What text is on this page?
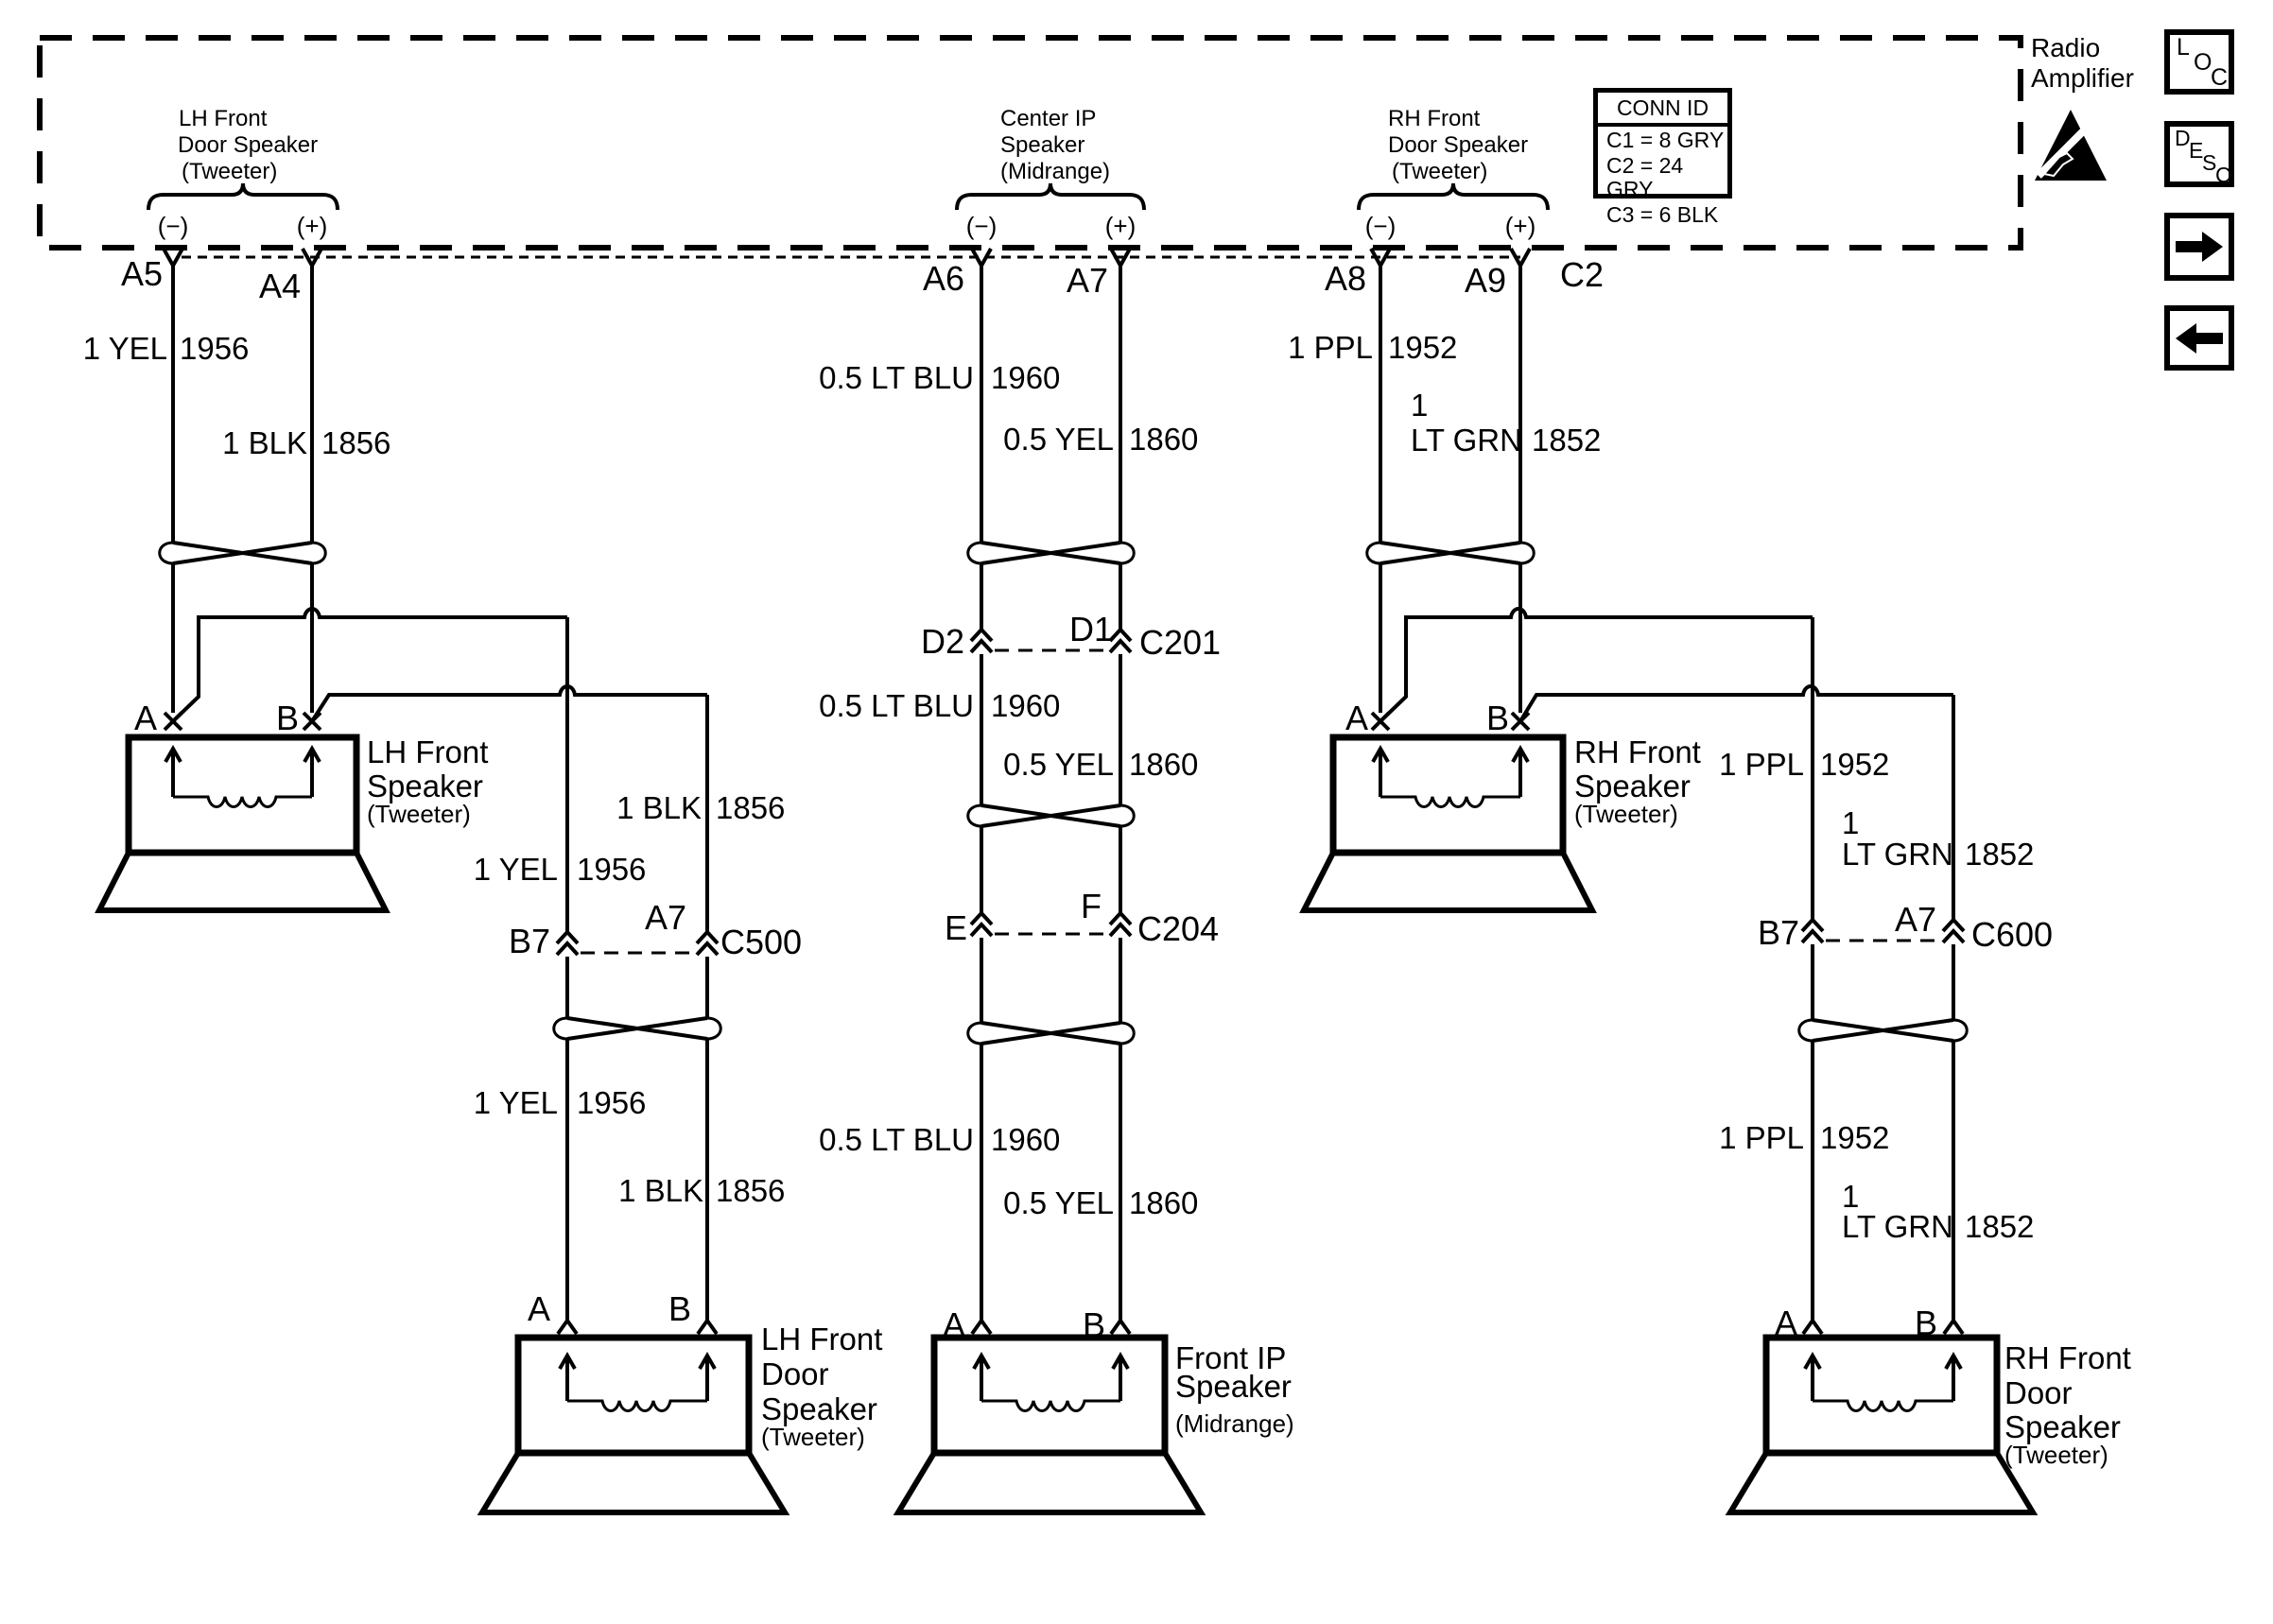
Radio
Amplifier
CONN ID
C1 = 8 GRY
C2 = 24 GRY
C3 = 6 BLK
L
O
C
D
E
S
C
LH Front
Door Speaker
(Tweeter)
(−)	(+)
A5	A4
Center IP
Speaker
(Midrange)
(−)	(+)
A6	A7
RH Front
Door Speaker
(Tweeter)
(−)	(+)
A8	A9 C2
1 YEL 1956
1 BLK 1856
A	B
LH Front
Speaker
(Tweeter)	1 BLK 1856
1 YEL 1956
B7
A7
C500
1 YEL 1956
1 BLK 1856
A	B
LH Front
Door
Speaker
(Tweeter)
0.5 LT BLU 1960
0.5 YEL 1860
D2	D1 C201
0.5 LT BLU 1960
0.5 YEL 1860
E
F
C204
0.5 LT BLU 1960
0.5 YEL 1860
A	B
Front IP
Speaker
(Midrange)
1 PPL 1952
1
LT GRN 1852
A	B
RH Front
Speaker
(Tweeter)
1 PPL 1952
1
LT GRN 1852
B7	A7 C600
1 PPL 1952
1
LT GRN 1852
A	B
RH Front
Door
Speaker
(Tweeter)
